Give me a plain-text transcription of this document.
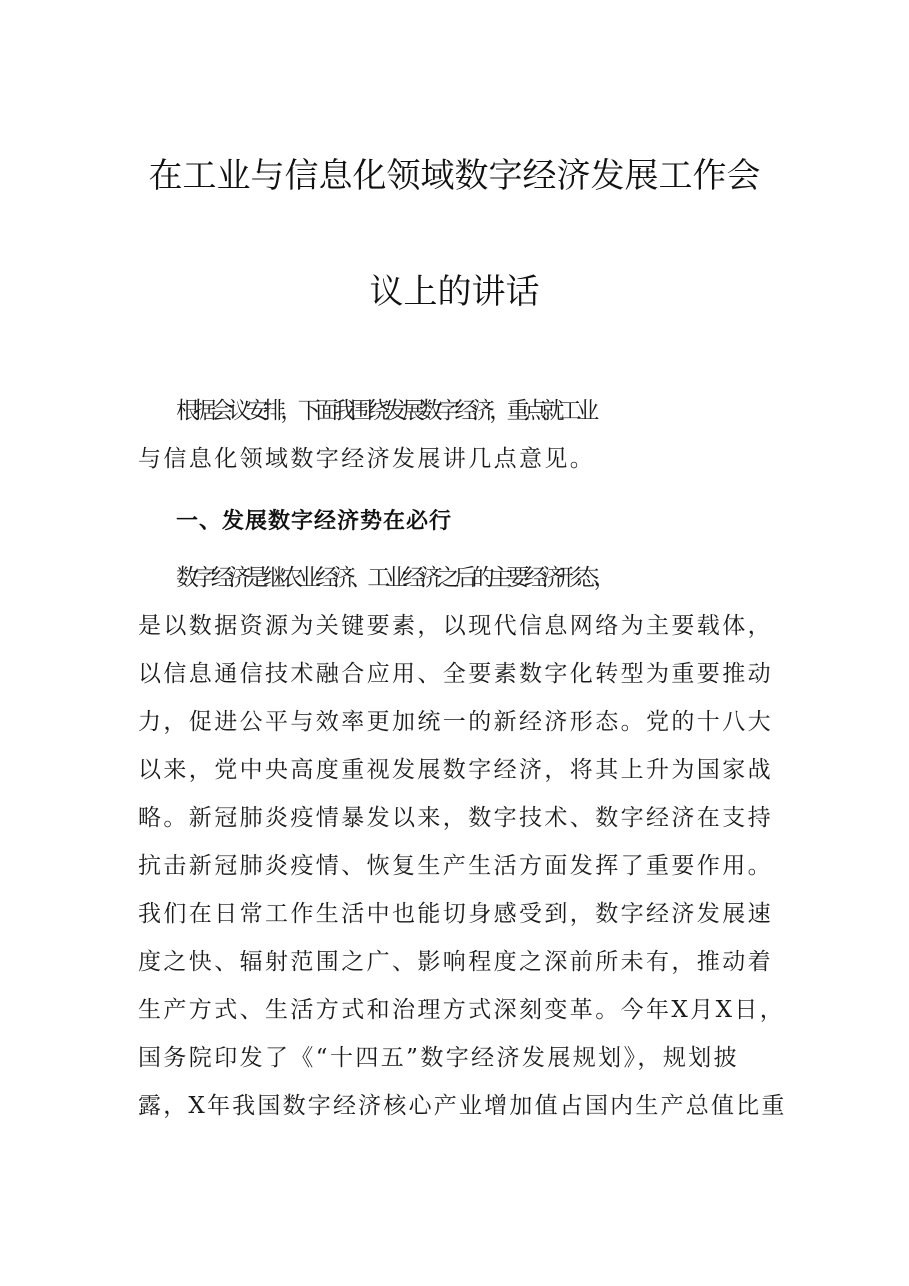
在工业与信息化领域数字经济发展工作会
议上的讲话
根据会议安排，下面我围绕发展数字经济，重点就工业
与信息化领域数字经济发展讲几点意见。
一、发展数字经济势在必行
数字经济是继农业经济、工业经济之后的主要经济形态，
是以数据资源为关键要素，以现代信息网络为主要载体，
以信息通信技术融合应用、全要素数字化转型为重要推动
力，促进公平与效率更加统一的新经济形态。党的十八大
以来，党中央高度重视发展数字经济，将其上升为国家战
略。新冠肺炎疫情暴发以来，数字技术、数字经济在支持
抗击新冠肺炎疫情、恢复生产生活方面发挥了重要作用。
我们在日常工作生活中也能切身感受到，数字经济发展速
度之快、辐射范围之广、影响程度之深前所未有，推动着
生产方式、生活方式和治理方式深刻变革。今年X月X日，
国务院印发了《“十四五”数字经济发展规划》，规划披
露，X年我国数字经济核心产业增加值占国内生产总值比重
